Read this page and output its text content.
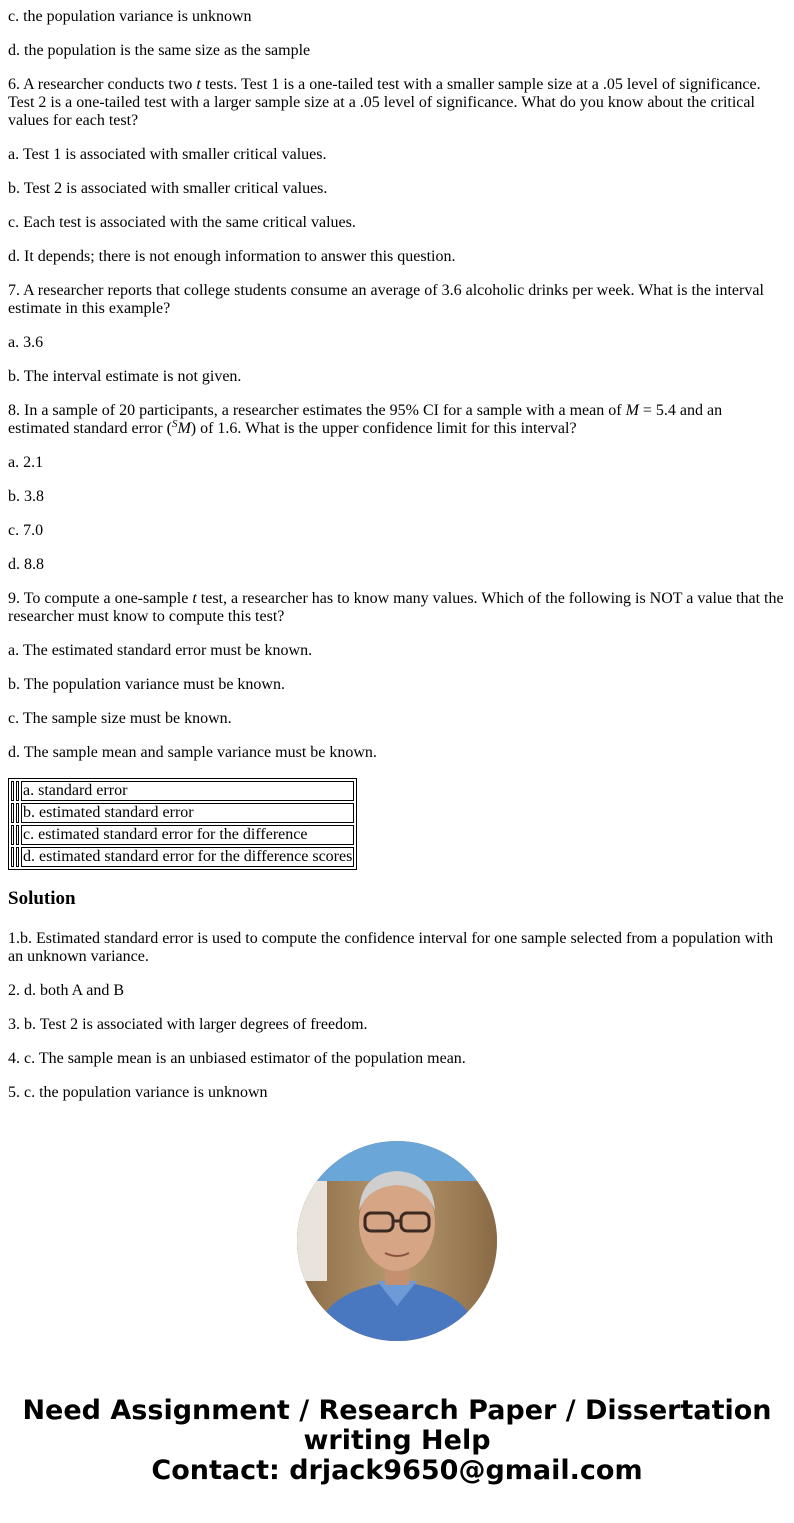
c. the population variance is unknown

d. the population is the same size as the sample

6. A researcher conducts two t tests. Test 1 is a one-tailed test with a smaller sample size at a .05 level of significance. Test 2 is a one-tailed test with a larger sample size at a .05 level of significance. What do you know about the critical values for each test?

a. Test 1 is associated with smaller critical values.

b. Test 2 is associated with smaller critical values.

c. Each test is associated with the same critical values.

d. It depends; there is not enough information to answer this question.

7. A researcher reports that college students consume an average of 3.6 alcoholic drinks per week. What is the interval estimate in this example?

a. 3.6

b. The interval estimate is not given.

8. In a sample of 20 participants, a researcher estimates the 95% CI for a sample with a mean of M = 5.4 and an estimated standard error ($^S$M) of 1.6. What is the upper confidence limit for this interval?

a. 2.1

b. 3.8

c. 7.0

d. 8.8

9. To compute a one-sample t test, a researcher has to know many values. Which of the following is NOT a value that the researcher must know to compute this test?

a. The estimated standard error must be known.

b. The population variance must be known.

c. The sample size must be known.

d. The sample mean and sample variance must be known.

		a. standard error
		b. estimated standard error
		c. estimated standard error for the difference
		d. estimated standard error for the difference scores
Solution

1.b. Estimated standard error is used to compute the confidence interval for one sample selected from a population with an unknown variance.

2. d. both A and B

3. b. Test 2 is associated with larger degrees of freedom.

4. c. The sample mean is an unbiased estimator of the population mean.

5. c. the population variance is unknown

Need Assignment / Research Paper / Dissertation
writing Help
Contact: drjack9650@gmail.com
